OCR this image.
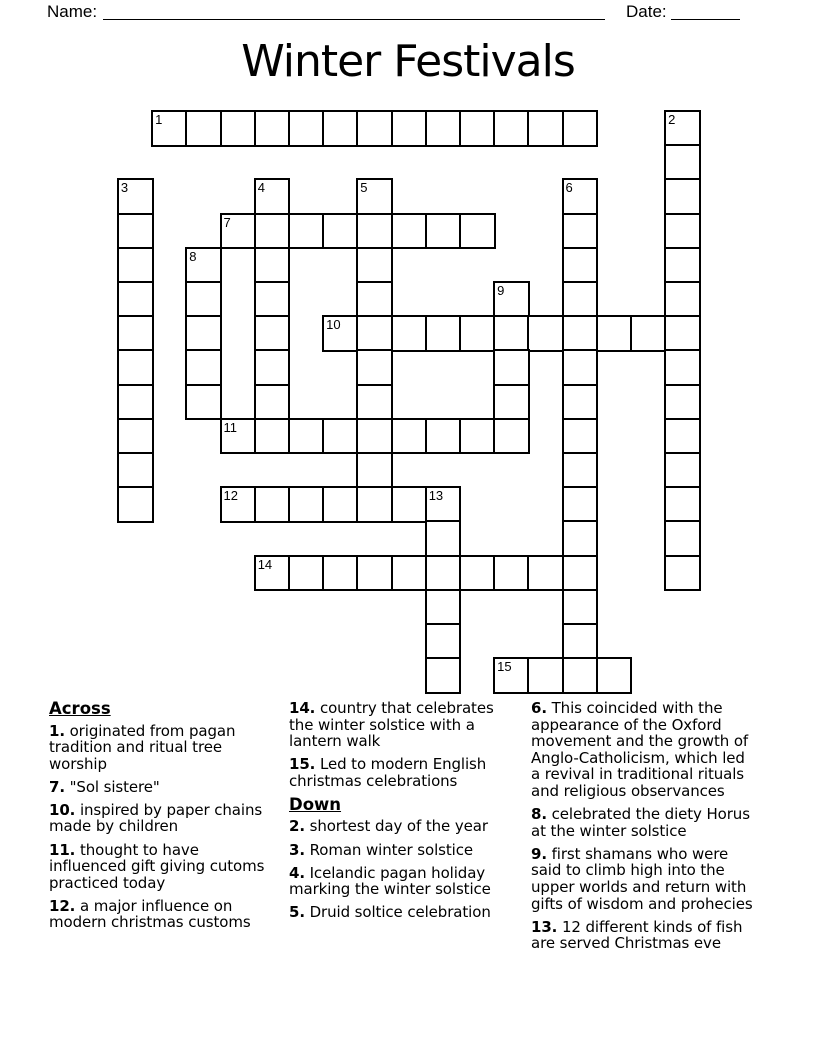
Name:	Date:
Winter Festivals
1	2
3	4	5	6
7
8
9
10
11
12	13
14
15
Across

1. originated from pagan tradition and ritual tree worship

7. "Sol sistere"

10. inspired by paper chains made by children

11. thought to have influenced gift giving cutoms practiced today

12. a major influence on modern christmas customs

14. country that celebrates the winter solstice with a lantern walk

15. Led to modern English christmas celebrations

Down

2. shortest day of the year

3. Roman winter solstice

4. Icelandic pagan holiday marking the winter solstice

5. Druid soltice celebration

6. This coincided with the appearance of the Oxford movement and the growth of Anglo-Catholicism, which led a revival in traditional rituals and religious observances

8. celebrated the diety Horus at the winter solstice

9. first shamans who were said to climb high into the upper worlds and return with gifts of wisdom and prohecies

13. 12 different kinds of fish are served Christmas eve
